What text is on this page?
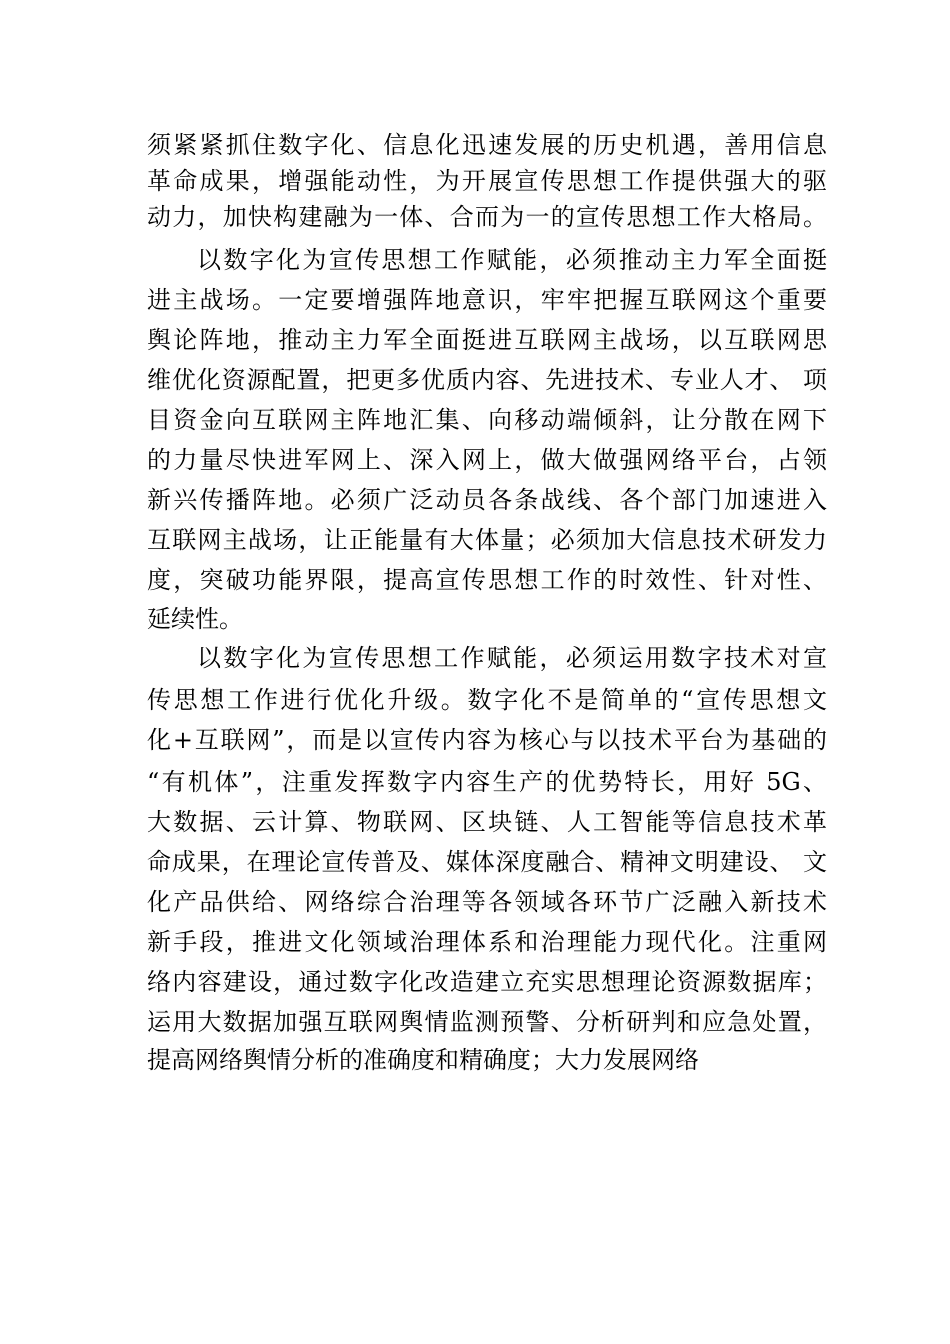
须紧紧抓住数字化、信息化迅速发展的历史机遇，善用信息
革命成果，增强能动性，为开展宣传思想工作提供强大的驱
动力，加快构建融为一体、合而为一的宣传思想工作大格局。
以数字化为宣传思想工作赋能，必须推动主力军全面挺
进主战场。一定要增强阵地意识，牢牢把握互联网这个重要
舆论阵地，推动主力军全面挺进互联网主战场，以互联网思
维优化资源配置，把更多优质内容、先进技术、专业人才、 项
目资金向互联网主阵地汇集、向移动端倾斜，让分散在网下
的力量尽快进军网上、深入网上，做大做强网络平台，占领
新兴传播阵地。必须广泛动员各条战线、各个部门加速进入
互联网主战场，让正能量有大体量；必须加大信息技术研发力
度，突破功能界限，提高宣传思想工作的时效性、针对性、
延续性。
以数字化为宣传思想工作赋能，必须运用数字技术对宣
传思想工作进行优化升级。数字化不是简单的“宣传思想文
化+互联网”，而是以宣传内容为核心与以技术平台为基础的
“有机体”，注重发挥数字内容生产的优势特长，用好 5G、
大数据、云计算、物联网、区块链、人工智能等信息技术革
命成果，在理论宣传普及、媒体深度融合、精神文明建设、 文
化产品供给、网络综合治理等各领域各环节广泛融入新技术
新手段，推进文化领域治理体系和治理能力现代化。注重网
络内容建设，通过数字化改造建立充实思想理论资源数据库；
运用大数据加强互联网舆情监测预警、分析研判和应急处置，
提高网络舆情分析的准确度和精确度；大力发展网络
